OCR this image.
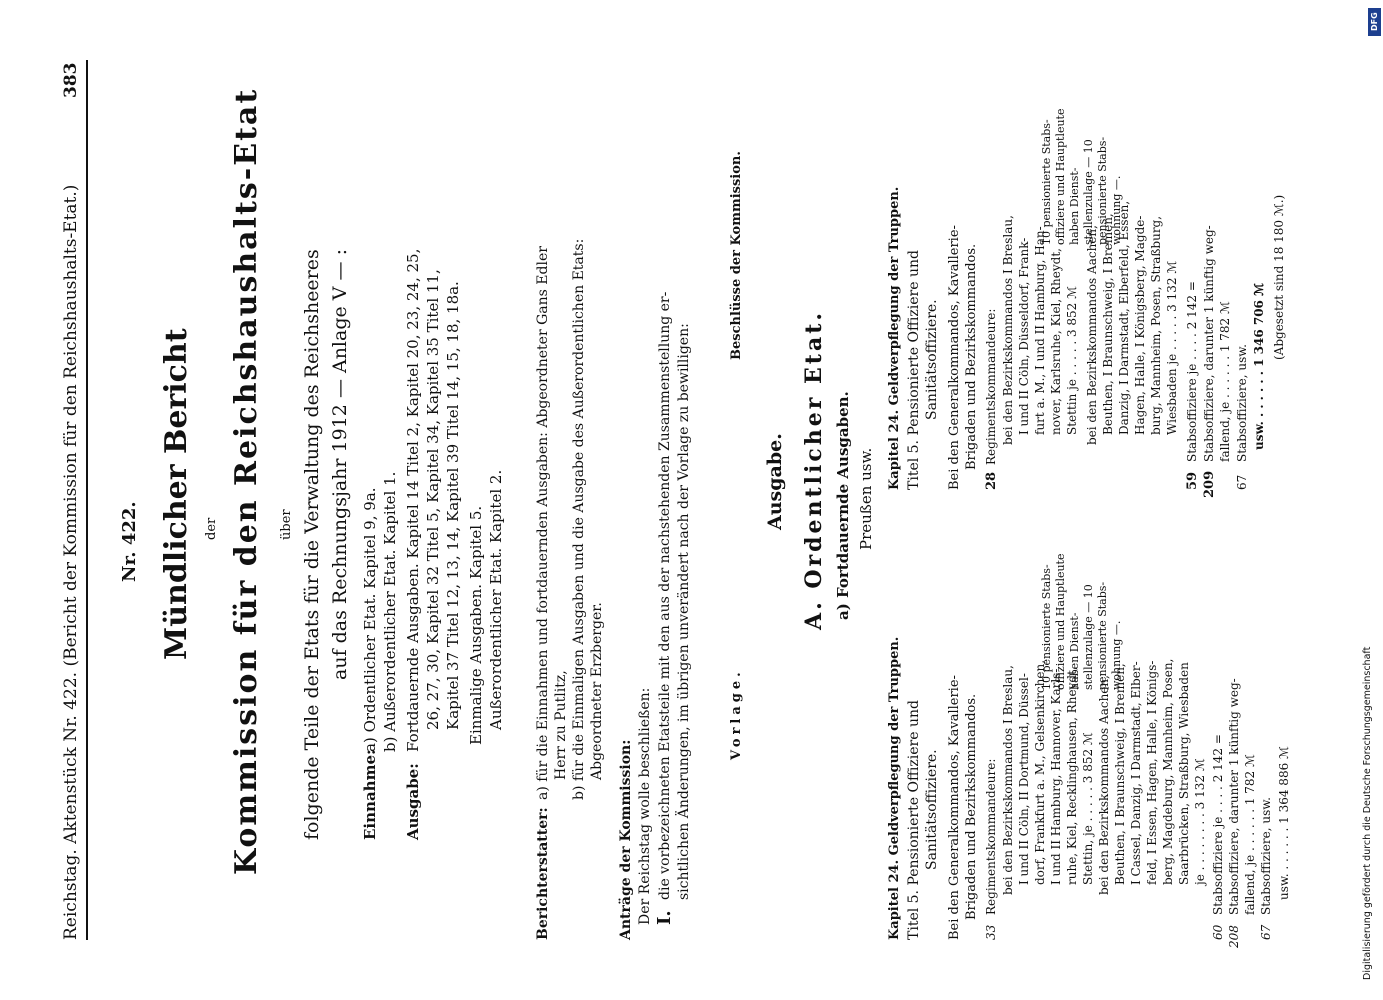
Reichstag. Aktenstück Nr. 422. (Bericht der Kommission für den Reichshaushalts-Etat.)
383
Nr. 422. Mündlicher Bericht der Kommission für den Reichshaushalts-Etat über folgende Teile der Etats für die Verwaltung des Reichsheeres auf das Rechnungsjahr 1912 — Anlage V — :
Einnahme:
a) Ordentlicher Etat. Kapitel 9, 9a. b) Außerordentlicher Etat. Kapitel 1.
Ausgabe:
Fortdauernde Ausgaben. Kapitel 14 Titel 2, Kapitel 20, 23, 24, 25, 26, 27, 30, Kapitel 32 Titel 5, Kapitel 34, Kapitel 35 Titel 11, Kapitel 37 Titel 12, 13, 14, Kapitel 39 Titel 14, 15, 18, 18a. Einmalige Ausgaben. Kapitel 5. Außerordentlicher Etat. Kapitel 2.
Berichterstatter:
a) für die Einnahmen und fortdauernden Ausgaben: Abgeordneter Gans Edler Herr zu Putlitz, b) für die Einmaligen Ausgaben und die Ausgabe des Außerordentlichen Etats: Abgeordneter Erzberger.
Anträge der Kommission: Der Reichstag wolle beschließen: I.
die vorbezeichneten Etatsteile mit den aus der nachstehenden Zusammenstellung er- sichtlichen Änderungen, im übrigen unverändert nach der Vorlage zu bewilligen:	Vorlage.
Beschlüsse der Kommission.
Ausgabe. A. Ordentlicher Etat. a) Fortdauernde Ausgaben. Preußen usw.
Kapitel 24. Geldverpflegung der Truppen. Titel 5. Pensionierte Offiziere und Sanitätsoffiziere. Bei den Generalkommandos, Kavallerie- Brigaden und Bezirkskommandos.
33
Regimentskommandeure: bei den Bezirkskommandos I Breslau, I und II Cöln, II Dortmund, Düssel- dorf, Frankfurt a. M., Gelsenkirchen, I und II Hamburg, Hannover, Karls- ruhe, Kiel, Recklinghausen, Rheydt, Stettin, je . . . . . 3 852 ℳ bei den Bezirkskommandos Aachen, Beuthen, I Braunschweig, I Bremen, I Cassel, Danzig, I Darmstadt, Elber- feld, I Essen, Hagen, Halle, I Königs- berg, Magdeburg, Mannheim, Posen, Saarbrücken, Straßburg, Wiesbaden je . . . . . . . . 3 132 ℳ
60
Stabsoffiziere je . . . . 2 142 =
208
Stabsoffiziere, darunter 1 künftig weg- fallend, je . . . . . . 1 782 ℳ
67
Stabsoffiziere, usw. usw. . . . . . . 1 364 886 ℳ
Kapitel 24. Geldverpflegung der Truppen. Titel 5. Pensionierte Offiziere und Sanitätsoffiziere. Bei den Generalkommandos, Kavallerie- Brigaden und Bezirkskommandos.
28
Regimentskommandeure: bei den Bezirkskommandos I Breslau, I und II Cöln, Düsseldorf, Frank- furt a. M., I und II Hamburg, Han- nover, Karlsruhe, Kiel, Rheydt, Stettin je . . . . . 3 852 ℳ bei den Bezirkskommandos Aachen, Beuthen, I Braunschweig, I Bremen, Danzig, I Darmstadt, Elberfeld, Essen, Hagen, Halle, I Königsberg, Magde- burg, Mannheim, Posen, Straßburg, Wiesbaden je . . . . . 3 132 ℳ
59
Stabsoffiziere je . . . . 2 142 =
209
Stabsoffiziere, darunter 1 künftig weg- fallend, je . . . . . . 1 782 ℳ
67
Stabsoffiziere, usw. usw. . . . . . . 1 346 706 ℳ
(Abgesetzt sind 18 180 ℳ.)
10 pensionierte Stabs- offiziere und Hauptleute haben Dienst- stellenzulage — 10 pensionierte Stabs- wohnung —.
10 pensionierte Stabs- offiziere und Hauptleute haben Dienst- stellenzulage — 10 pensionierte Stabs- wohnung —.
DFG
Digitalisierung gefördert durch die Deutsche Forschungsgemeinschaft
